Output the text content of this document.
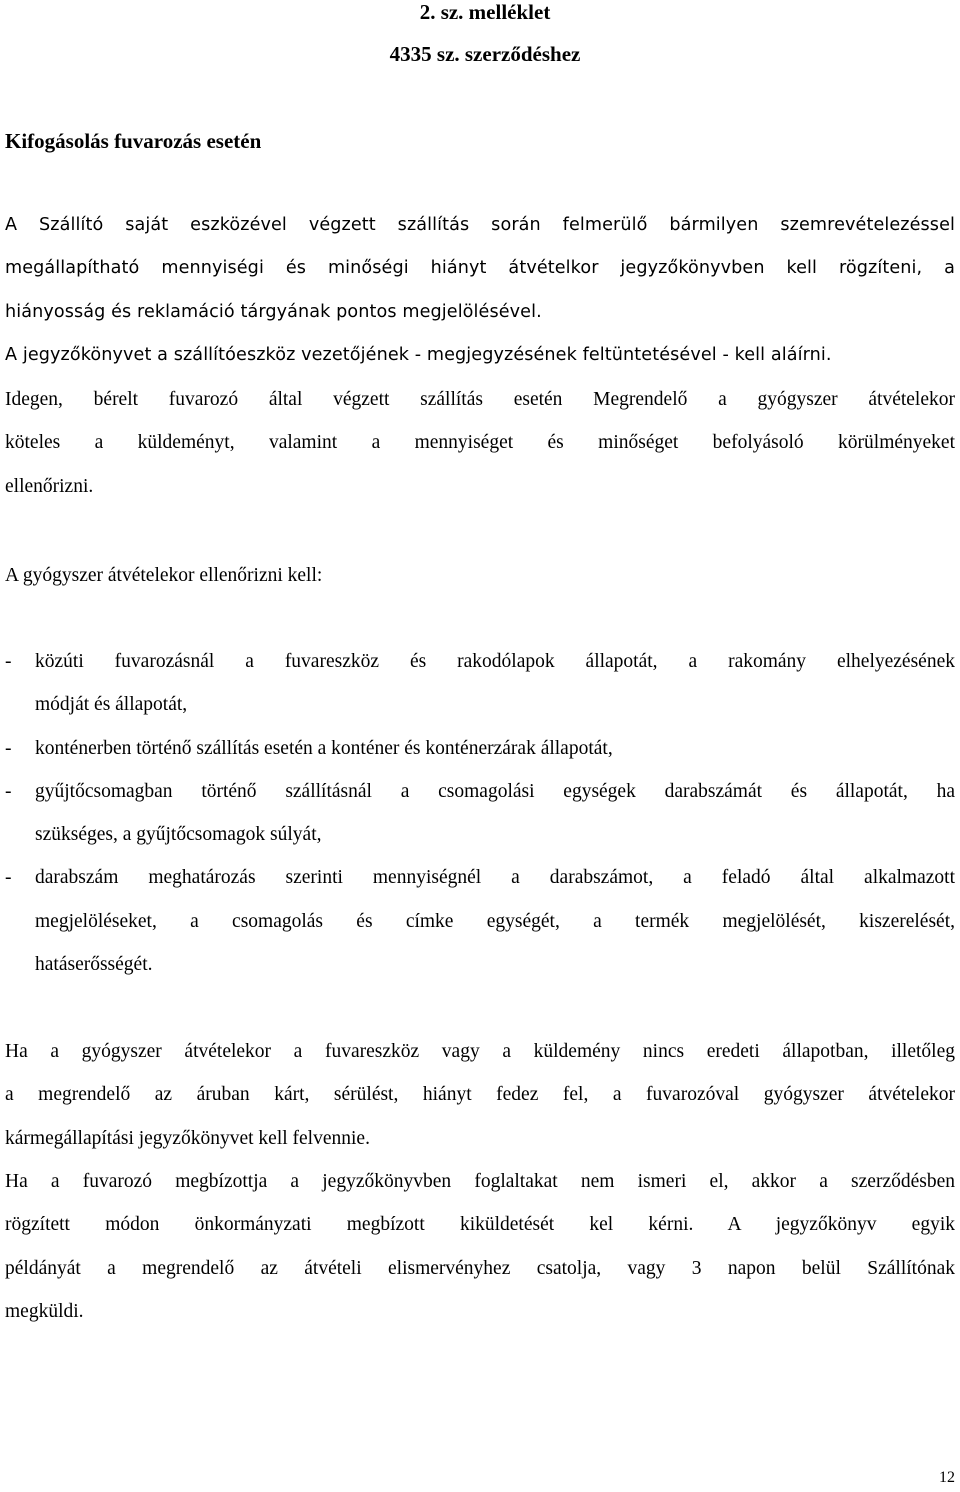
2. sz. melléklet
4335 sz. szerződéshez
Kifogásolás fuvarozás esetén
A Szállító saját eszközével végzett szállítás során felmerülő bármilyen szemrevételezéssel
megállapítható mennyiségi és minőségi hiányt átvételkor jegyzőkönyvben kell rögzíteni, a
hiányosság és reklamáció tárgyának pontos megjelölésével.
A jegyzőkönyvet a szállítóeszköz vezetőjének - megjegyzésének feltüntetésével - kell aláírni.
Idegen, bérelt fuvarozó által végzett szállítás esetén Megrendelő a gyógyszer átvételekor
köteles a küldeményt, valamint a mennyiséget és minőséget befolyásoló körülményeket
ellenőrizni.
A gyógyszer átvételekor ellenőrizni kell:
- közúti fuvarozásnál a fuvareszköz és rakodólapok állapotát, a rakomány elhelyezésének
módját és állapotát,
- konténerben történő szállítás esetén a konténer és konténerzárak állapotát,
- gyűjtőcsomagban történő szállításnál a csomagolási egységek darabszámát és állapotát, ha
szükséges, a gyűjtőcsomagok súlyát,
- darabszám meghatározás szerinti mennyiségnél a darabszámot, a feladó által alkalmazott
megjelöléseket, a csomagolás és címke egységét, a termék megjelölését, kiszerelését,
hatáserősségét.
Ha a gyógyszer átvételekor a fuvareszköz vagy a küldemény nincs eredeti állapotban, illetőleg
a megrendelő az áruban kárt, sérülést, hiányt fedez fel, a fuvarozóval gyógyszer átvételekor
kármegállapítási jegyzőkönyvet kell felvennie.
Ha a fuvarozó megbízottja a jegyzőkönyvben foglaltakat nem ismeri el, akkor a szerződésben
rögzített módon önkormányzati megbízott kiküldetését kel kérni. A jegyzőkönyv egyik
példányát a megrendelő az átvételi elismervényhez csatolja, vagy 3 napon belül Szállítónak
megküldi.
12
